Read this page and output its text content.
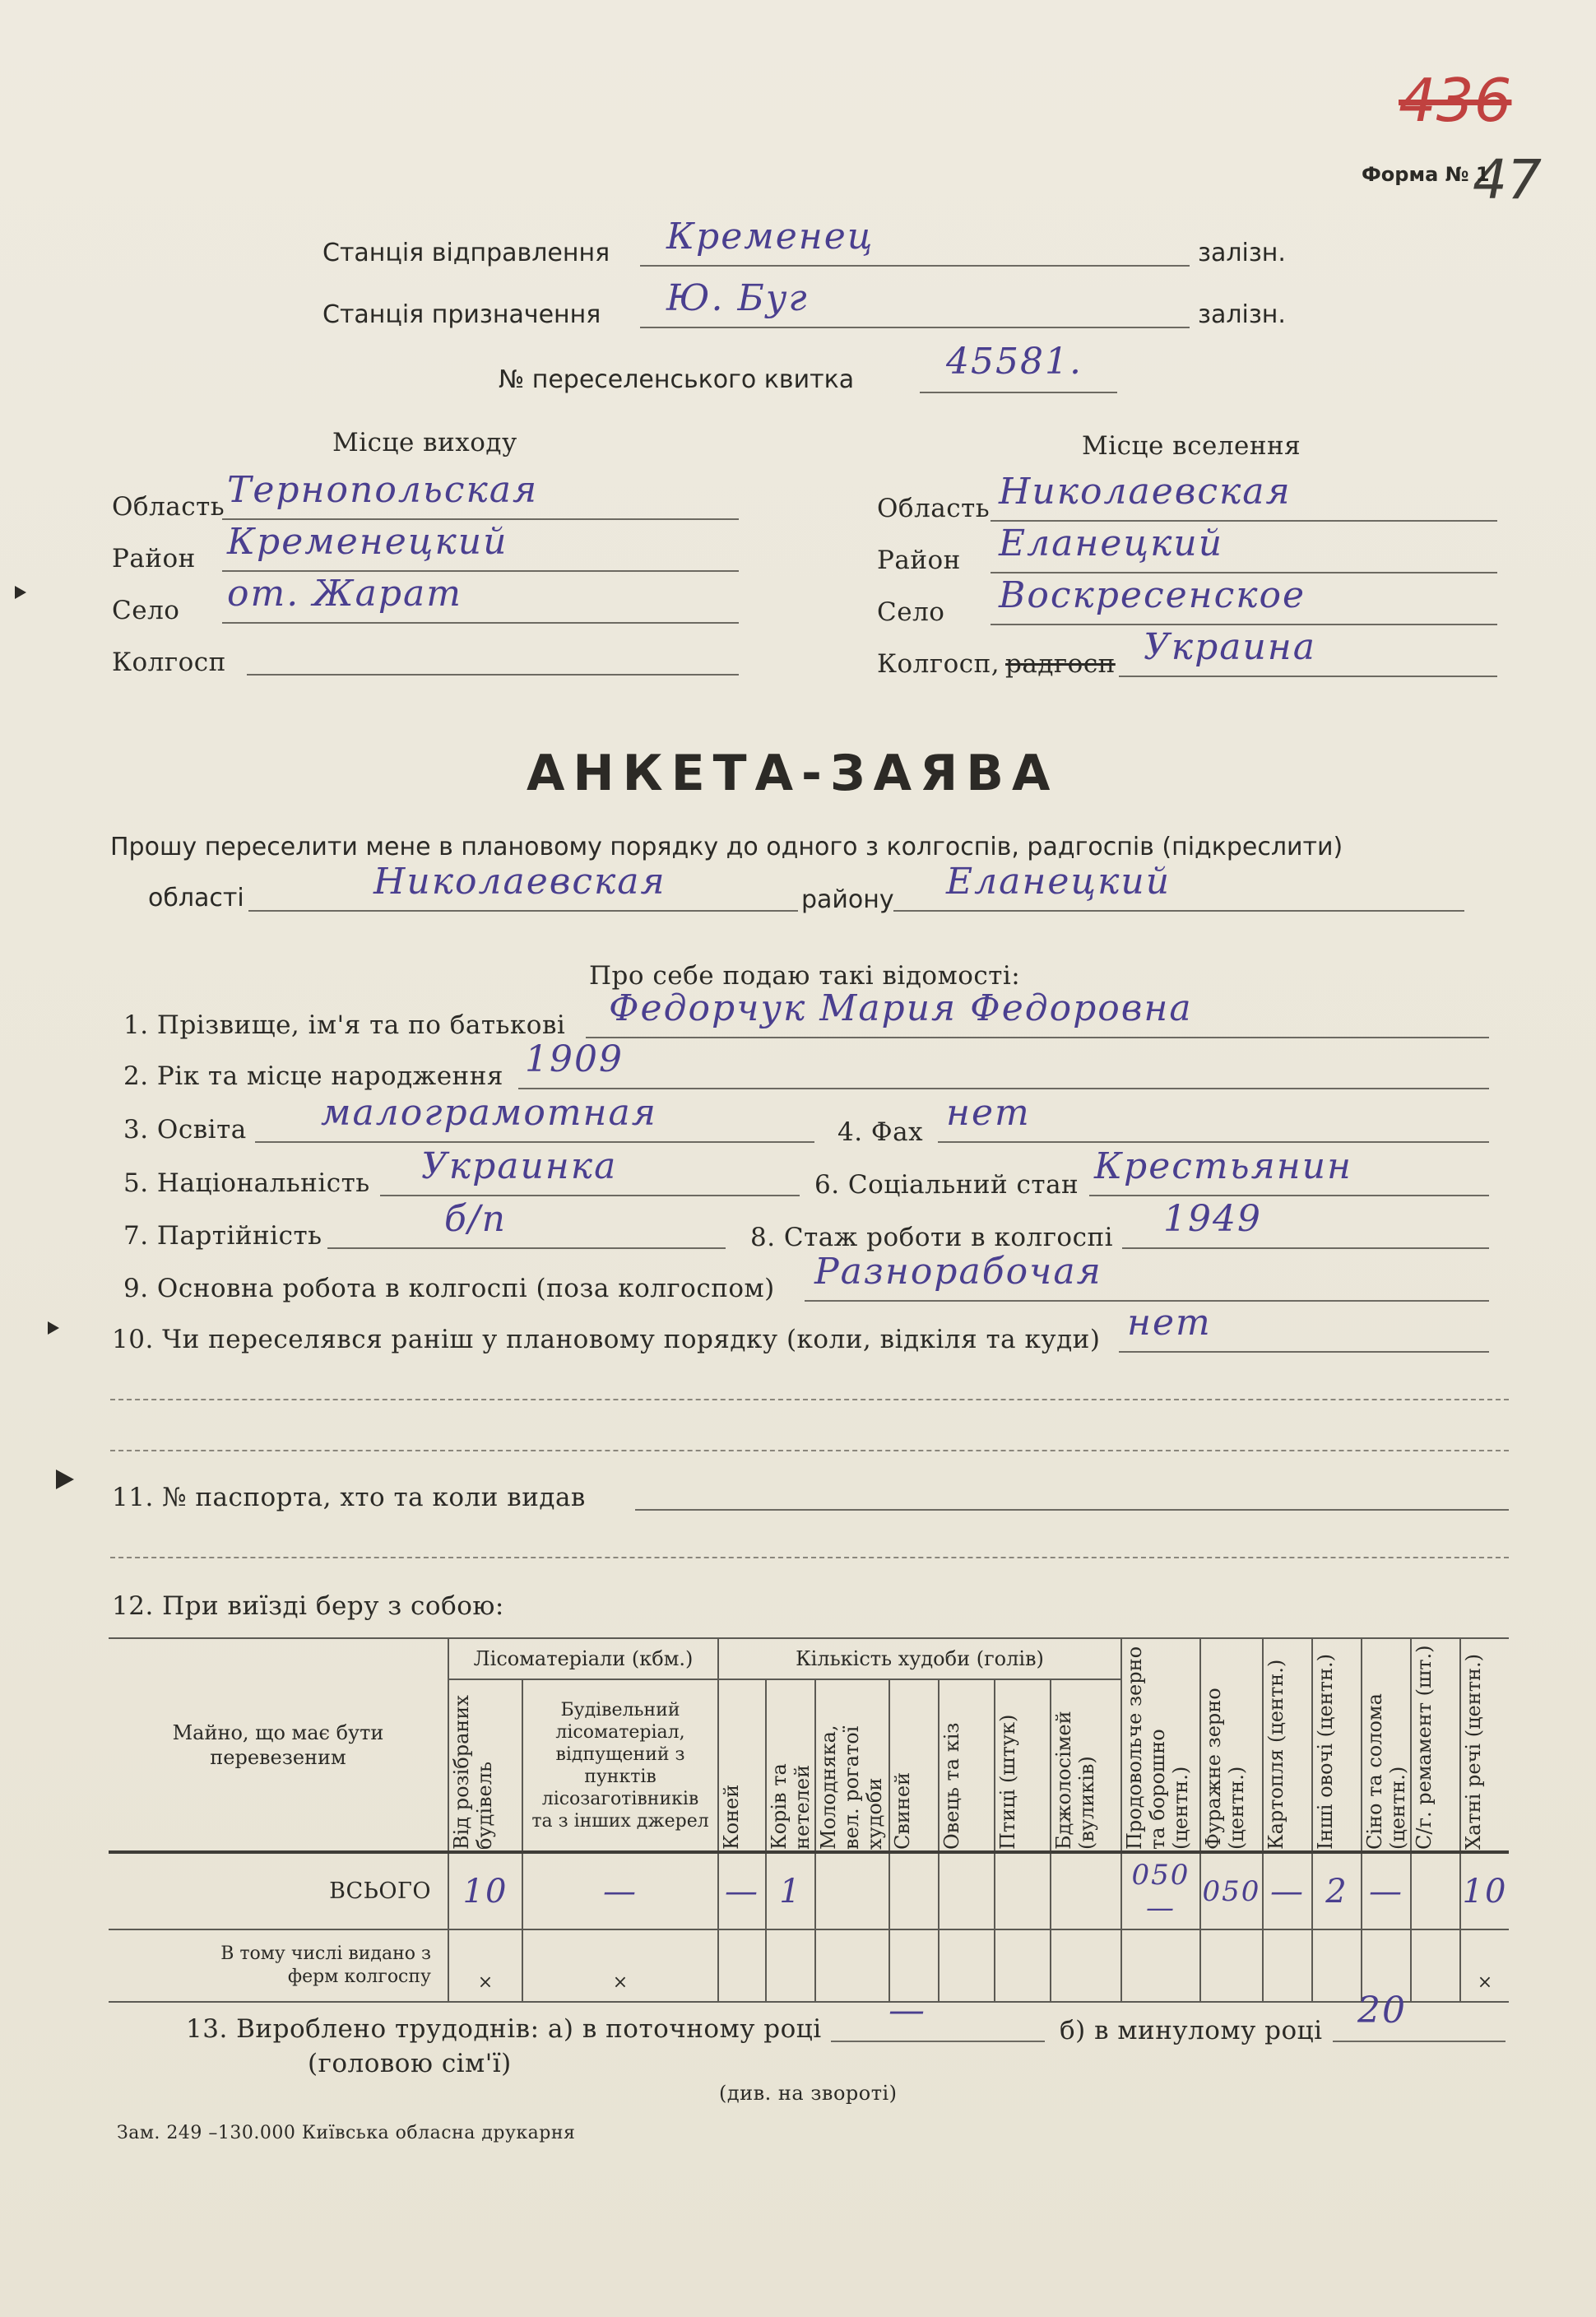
436
47
Форма № 1
Станція відправлення Кременец	залізн.
Станція призначення Ю. Буг	залізн.
№ переселенського квитка	45581.
Місце виходу	Місце вселення
Область Тернопольская
Район Кременецкий
Село от. Жарат
Колгосп
Область Николаевская
Район Еланецкий
Село Воскресенское
Колгосп, радгосп Украина
АНКЕТА-ЗАЯВА
Прошу переселити мене в плановому порядку до одного з колгоспів, радгоспів (підкреслити)
області	Николаевская	району Еланецкий
Про себе подаю такі відомості:
1. Прізвище, ім'я та по батькові Федорчук Мария Федоровна
2. Рік та місце народження 1909
3. Освіта малограмотная	4. Фах нет
5. Національність Украинка	6. Соціальний стан Крестьянин
7. Партійність	б/п	8. Стаж роботи в колгоспі 1949
9. Основна робота в колгоспі (поза колгоспом) Разнорабочая
10. Чи переселявся раніш у плановому порядку (коли, відкіля та куди) нет
11. № паспорта, хто та коли видав
12. При виїзді беру з собою:
Майно, що має бути перевезеним	Лісоматеріали (кбм.)		Кількість худоби (голів)							Продовольче зерно та борошно (центн.)	Фуражне зерно (центн.)	Картопля (центн.)	Інші овочі (центн.)	Сіно та солома (центн.)	С/г. ремамент (шт.)	Хатні речі (центн.)

	Від розібраних будівель	Будівельний лісоматеріал, відпущений з пунктів лісозаготівників та з інших джерел	Коней	Корів та нетелей	Молодняка, вел. рогатої худоби	Свиней	Овець та кіз	Птиці (штук)	Бджолосімей (вуликів)							

ВСЬОГО	10	—	—	1						050 —	050	—	2	—		10
В тому числі видано з ферм колгоспу	×	×														×
13. Вироблено трудоднів: а) в поточному році —	б) в минулому році 20
(головою сім'ї)
(див. на звороті)
Зам. 249 –130.000 Київська обласна друкарня
